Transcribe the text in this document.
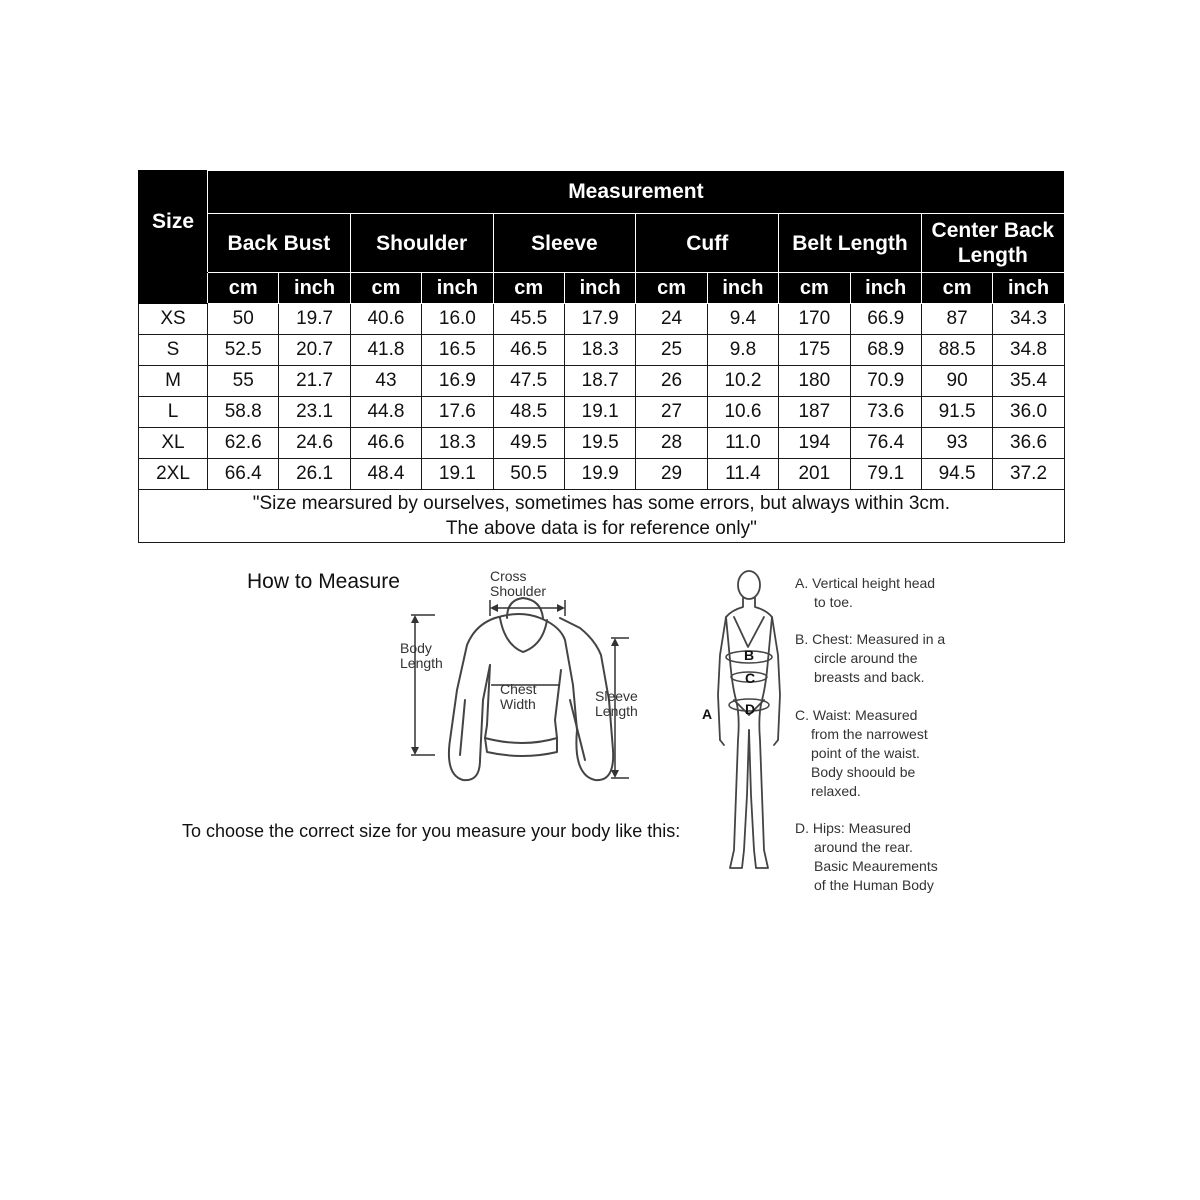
Size	Measurement											
	Back Bust		Shoulder		Sleeve		Cuff		Belt Length		Center Back Length	
	cm	inch	cm	inch	cm	inch	cm	inch	cm	inch	cm	inch
XS	50	19.7	40.6	16.0	45.5	17.9	24	9.4	170	66.9	87	34.3
S	52.5	20.7	41.8	16.5	46.5	18.3	25	9.8	175	68.9	88.5	34.8
M	55	21.7	43	16.9	47.5	18.7	26	10.2	180	70.9	90	35.4
L	58.8	23.1	44.8	17.6	48.5	19.1	27	10.6	187	73.6	91.5	36.0
XL	62.6	24.6	46.6	18.3	49.5	19.5	28	11.0	194	76.4	93	36.6
2XL	66.4	26.1	48.4	19.1	50.5	19.9	29	11.4	201	79.1	94.5	37.2
"Size mearsured by ourselves, sometimes has some errors, but always within 3cm.
The above data is for reference only"												
How to Measure	Cross
Shoulder
Body
Length
Chest
Width	Sleeve
Length
To choose the correct size for you measure your body like this:
A
B
C
D
A. Vertical height head
to toe.
B. Chest: Measured in a
circle around the
breasts and back.
C. Waist: Measured
from the narrowest
point of the waist.
Body shoould be
relaxed.
D. Hips: Measured
around the rear.
Basic Meaurements
of the Human Body
